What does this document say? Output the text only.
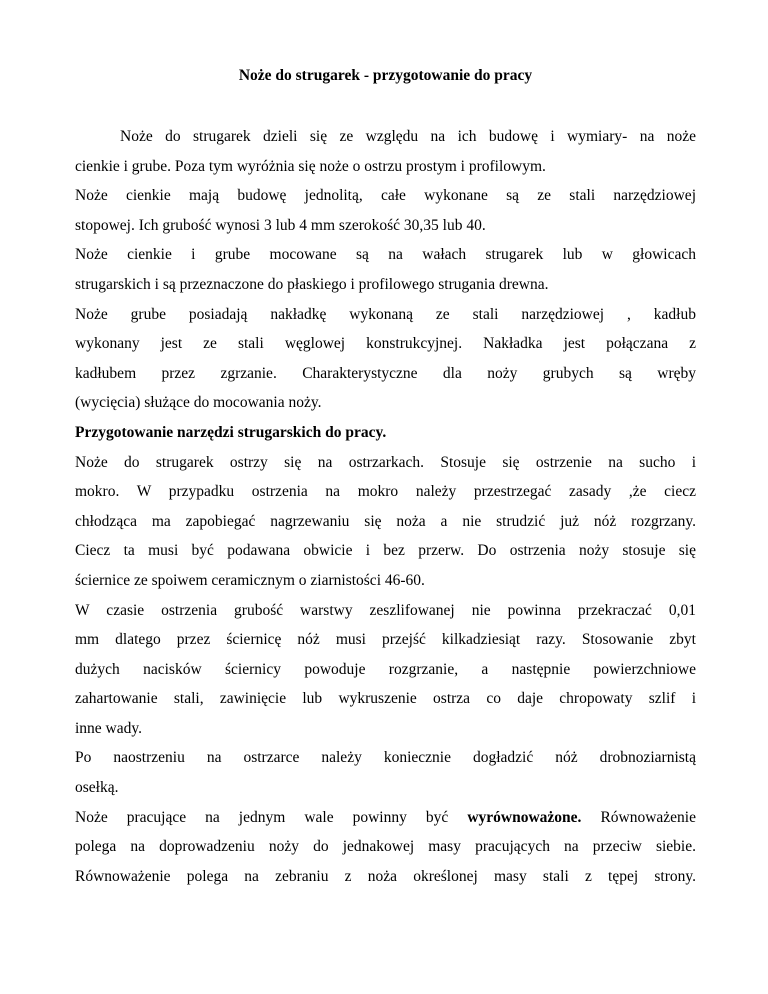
Noże do strugarek - przygotowanie do pracy
Noże do strugarek dzieli się ze względu na ich budowę i wymiary- na noże
cienkie i grube. Poza tym wyróżnia się noże o ostrzu prostym i profilowym.
Noże cienkie mają budowę jednolitą, całe wykonane są ze stali narzędziowej
stopowej. Ich grubość wynosi 3 lub 4 mm szerokość 30,35 lub 40.
Noże cienkie i grube mocowane są na wałach strugarek lub w głowicach
strugarskich i są przeznaczone do płaskiego i profilowego strugania drewna.
Noże grube posiadają nakładkę wykonaną ze stali narzędziowej , kadłub
wykonany jest ze stali węglowej konstrukcyjnej. Nakładka jest połączana z
kadłubem przez zgrzanie. Charakterystyczne dla noży grubych są wręby
(wycięcia) służące do mocowania noży.
Przygotowanie narzędzi strugarskich do pracy.
Noże do strugarek ostrzy się na ostrzarkach. Stosuje się ostrzenie na sucho i
mokro. W przypadku ostrzenia na mokro należy przestrzegać zasady ,że ciecz
chłodząca ma zapobiegać nagrzewaniu się noża a nie strudzić już nóż rozgrzany.
Ciecz ta musi być podawana obwicie i bez przerw. Do ostrzenia noży stosuje się
ściernice ze spoiwem ceramicznym o ziarnistości 46-60.
W czasie ostrzenia grubość warstwy zeszlifowanej nie powinna przekraczać 0,01
mm dlatego przez ściernicę nóż musi przejść kilkadziesiąt razy. Stosowanie zbyt
dużych nacisków ściernicy powoduje rozgrzanie, a następnie powierzchniowe
zahartowanie stali, zawinięcie lub wykruszenie ostrza co daje chropowaty szlif i
inne wady.
Po naostrzeniu na ostrzarce należy koniecznie dogładzić nóż drobnoziarnistą
osełką.
Noże pracujące na jednym wale powinny być wyrównoważone. Równoważenie
polega na doprowadzeniu noży do jednakowej masy pracujących na przeciw siebie.
Równoważenie polega na zebraniu z noża określonej masy stali z tępej strony.
